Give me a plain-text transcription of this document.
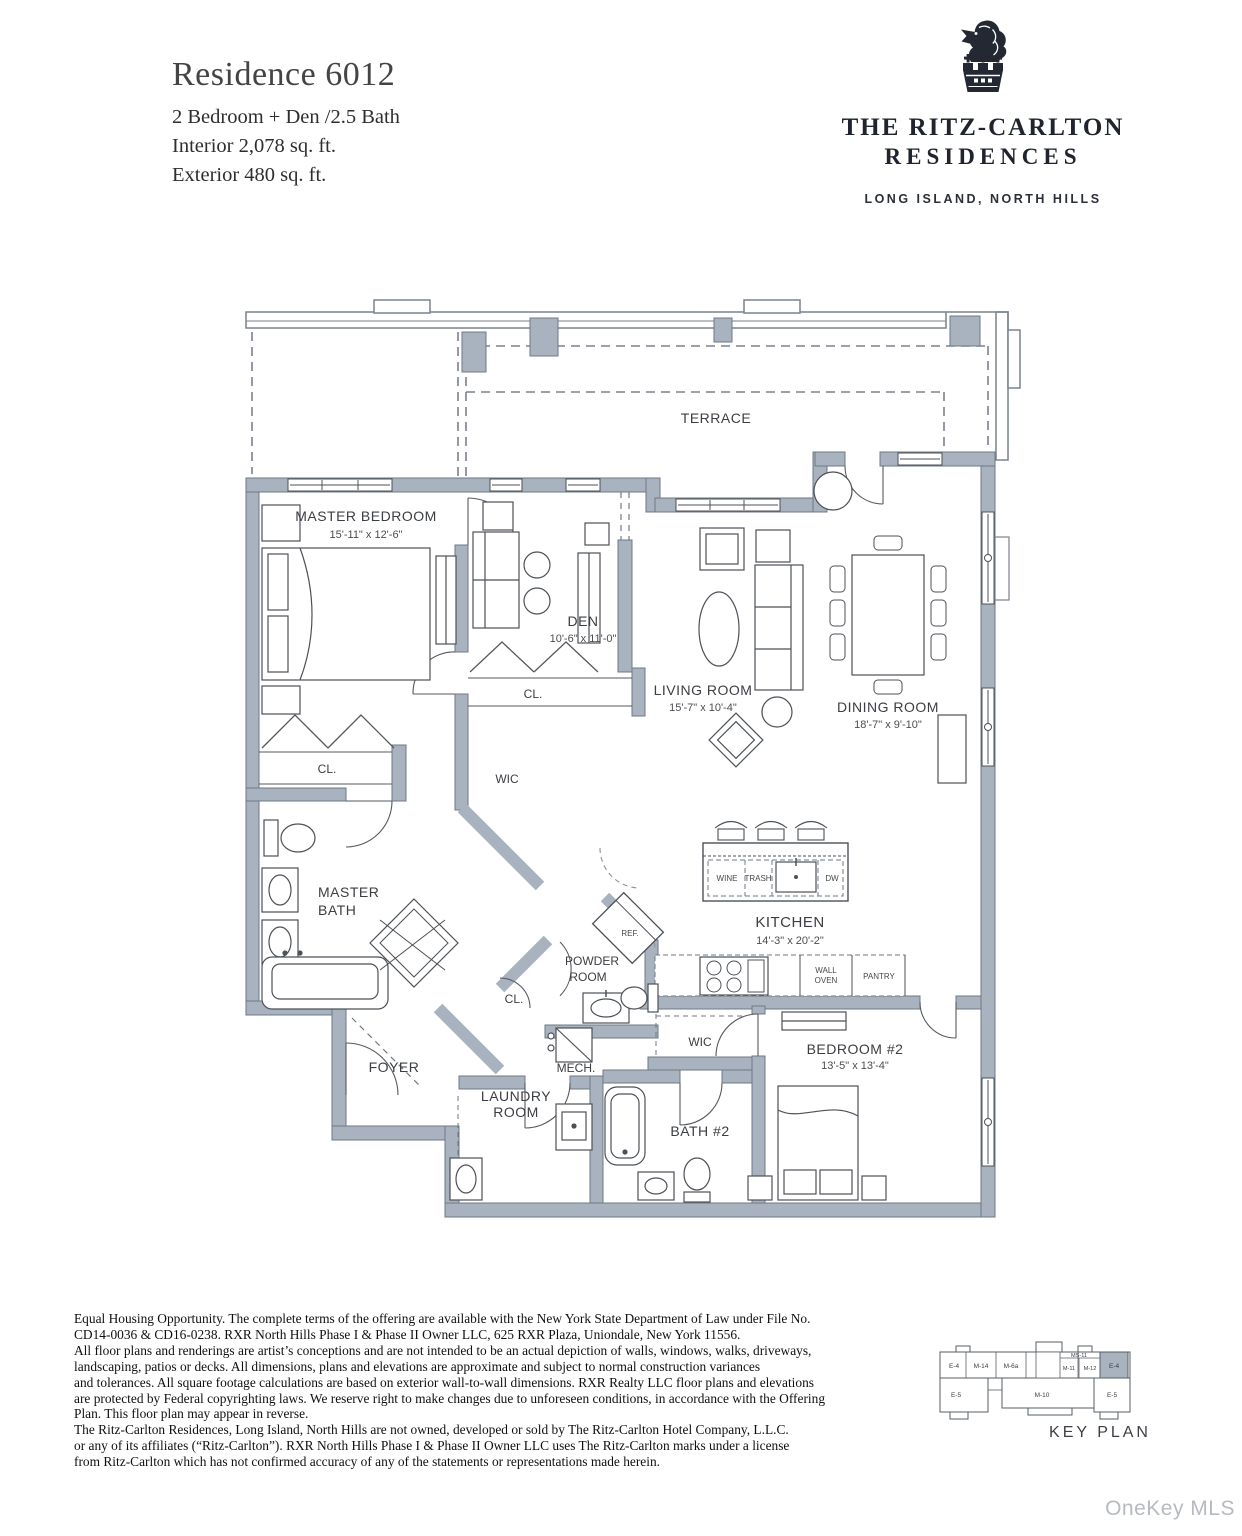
Residence 6012
2 Bedroom + Den /2.5 Bath
Interior 2,078 sq. ft.
Exterior 480 sq. ft.
THE RITZ-CARLTON
RESIDENCES
LONG ISLAND, NORTH HILLS
TERRACE
MASTER BEDROOM
15'-11" x 12'-6"
DEN
10'-6" x 11'-0"
CL.
CL.	LIVING ROOM
15'-7" x 10'-4"	DINING ROOM
18'-7" x 9'-10"
WIC
MASTER
BATH
KITCHEN
14'-3" x 20'-2"
POWDER
ROOM
CL.
FOYER	MECH.
LAUNDRY
ROOM
BATH #2
WIC	BEDROOM #2
13'-5" x 13'-4"
WINE TRASH	DW
REF.
WALL
OVEN	PANTRY
Equal Housing Opportunity. The complete terms of the offering are available with the New York State Department of Law under File No.
CD14-0036 & CD16-0238. RXR North Hills Phase I & Phase II Owner LLC, 625 RXR Plaza, Uniondale, New York 11556.
All floor plans and renderings are artist’s conceptions and are not intended to be an actual depiction of walls, windows, walks, driveways,
landscaping, patios or decks. All dimensions, plans and elevations are approximate and subject to normal construction variances
and tolerances. All square footage calculations are based on exterior wall-to-wall dimensions. RXR Realty LLC floor plans and elevations
are protected by Federal copyrighting laws. We reserve right to make changes due to unforeseen conditions, in accordance with the Offering
Plan. This floor plan may appear in reverse.
The Ritz-Carlton Residences, Long Island, North Hills are not owned, developed or sold by The Ritz-Carlton Hotel Company, L.L.C.
or any of its affiliates (“Ritz-Carlton”). RXR North Hills Phase I & Phase II Owner LLC uses The Ritz-Carlton marks under a license
from Ritz-Carlton which has not confirmed accuracy of any of the statements or representations made herein.
E-4 M-14 M-6a
MS-11
M-11 M-12 E-4
E-5	M-10	E-5
KEY PLAN
OneKey MLS
